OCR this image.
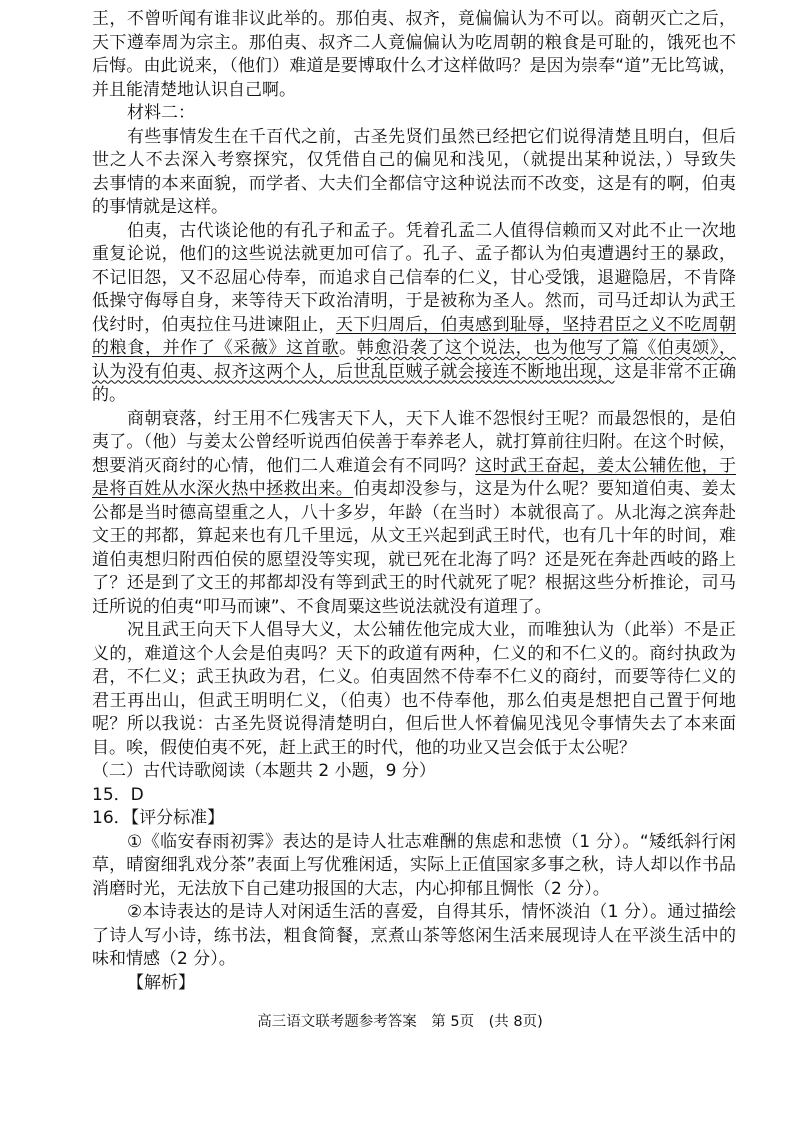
王，不曾听闻有谁非议此举的。那伯夷、叔齐，竟偏偏认为不可以。商朝灭亡之后，
天下遵奉周为宗主。那伯夷、叔齐二人竟偏偏认为吃周朝的粮食是可耻的，饿死也不
后悔。由此说来，（他们）难道是要博取什么才这样做吗？是因为崇奉“道”无比笃诚，
并且能清楚地认识自己啊。
材料二：
有些事情发生在千百代之前，古圣先贤们虽然已经把它们说得清楚且明白，但后
世之人不去深入考察探究，仅凭借自己的偏见和浅见，（就提出某种说法，）导致失
去事情的本来面貌，而学者、大夫们全都信守这种说法而不改变，这是有的啊，伯夷
的事情就是这样。
伯夷，古代谈论他的有孔子和孟子。凭着孔孟二人值得信赖而又对此不止一次地
重复论说，他们的这些说法就更加可信了。孔子、孟子都认为伯夷遭遇纣王的暴政，
不记旧怨，又不忍屈心侍奉，而追求自己信奉的仁义，甘心受饿，退避隐居，不肯降
低操守侮辱自身，来等待天下政治清明，于是被称为圣人。然而，司马迁却认为武王
伐纣时，伯夷拉住马进谏阻止，天下归周后，伯夷感到耻辱，坚持君臣之义不吃周朝
的粮食，并作了《采薇》这首歌。韩愈沿袭了这个说法，也为他写了篇《伯夷颂》，
认为没有伯夷、叔齐这两个人，后世乱臣贼子就会接连不断地出现，这是非常不正确
的。
商朝衰落，纣王用不仁残害天下人，天下人谁不怨恨纣王呢？而最怨恨的，是伯
夷了。（他）与姜太公曾经听说西伯侯善于奉养老人，就打算前往归附。在这个时候，
想要消灭商纣的心情，他们二人难道会有不同吗？这时武王奋起，姜太公辅佐他，于
是将百姓从水深火热中拯救出来。伯夷却没参与，这是为什么呢？要知道伯夷、姜太
公都是当时德高望重之人，八十多岁，年龄（在当时）本就很高了。从北海之滨奔赴
文王的邦都，算起来也有几千里远，从文王兴起到武王时代，也有几十年的时间，难
道伯夷想归附西伯侯的愿望没等实现，就已死在北海了吗？还是死在奔赴西岐的路上
了？还是到了文王的邦都却没有等到武王的时代就死了呢？根据这些分析推论，司马
迁所说的伯夷“叩马而谏”、不食周粟这些说法就没有道理了。
况且武王向天下人倡导大义，太公辅佐他完成大业，而唯独认为（此举）不是正
义的，难道这个人会是伯夷吗？天下的政道有两种，仁义的和不仁义的。商纣执政为
君，不仁义；武王执政为君，仁义。伯夷固然不侍奉不仁义的商纣，而要等待仁义的
君王再出山，但武王明明仁义，（伯夷）也不侍奉他，那么伯夷是想把自己置于何地
呢？所以我说：古圣先贤说得清楚明白，但后世人怀着偏见浅见令事情失去了本来面
目。唉，假使伯夷不死，赶上武王的时代，他的功业又岂会低于太公呢？
（二）古代诗歌阅读（本题共 2 小题，9 分）
15．D
16．【评分标准】
①《临安春雨初霁》表达的是诗人壮志难酬的焦虑和悲愤（1 分）。“矮纸斜行闲
草，晴窗细乳戏分茶”表面上写优雅闲适，实际上正值国家多事之秋，诗人却以作书品
消磨时光，无法放下自己建功报国的大志，内心抑郁且惆怅（2 分）。
②本诗表达的是诗人对闲适生活的喜爱，自得其乐，情怀淡泊（1 分）。通过描绘
了诗人写小诗，练书法，粗食简餐，烹煮山茶等悠闲生活来展现诗人在平淡生活中的
味和情感（2 分）。
【解析】
高三语文联考题参考答案　第 5页　(共 8页)
